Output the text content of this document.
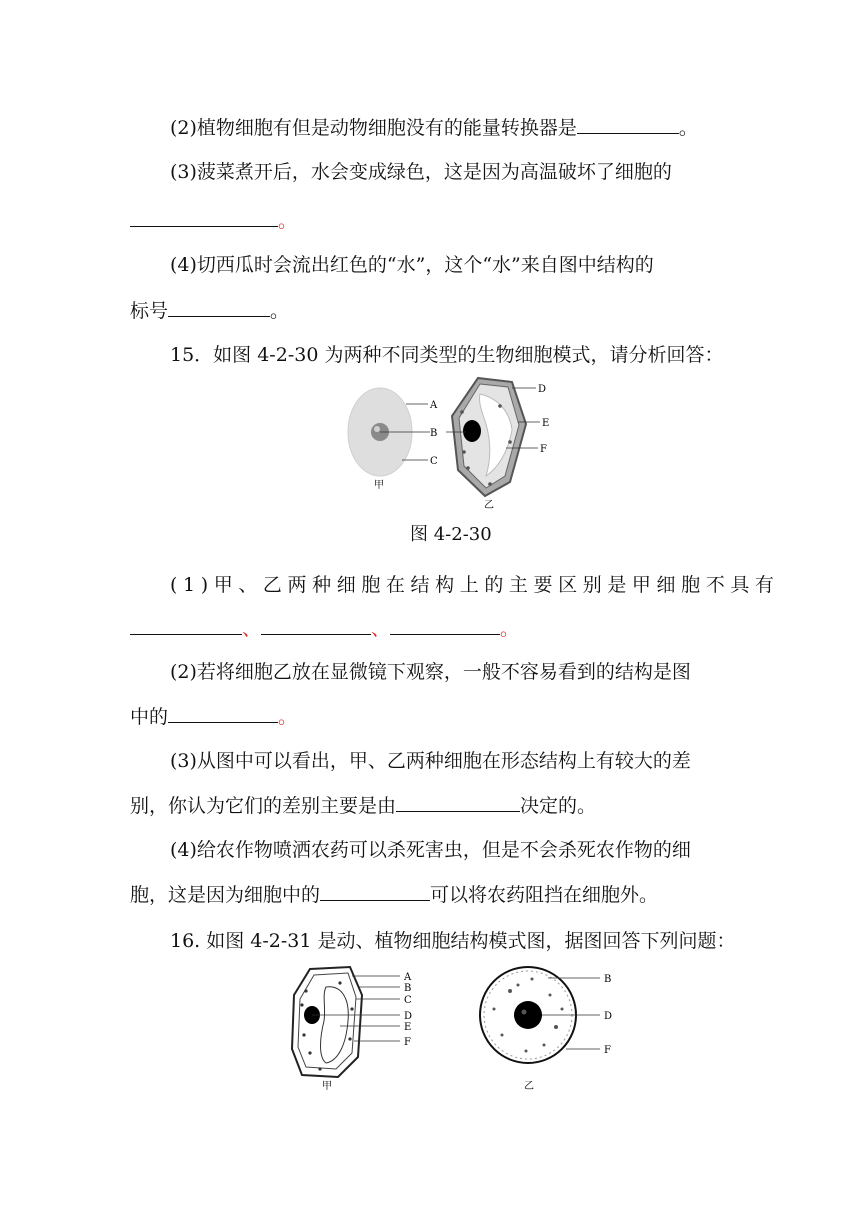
(2)植物细胞有但是动物细胞没有的能量转换器是	。
(3)菠菜煮开后，水会变成绿色，这是因为高温破坏了细胞的
。
(4)切西瓜时会流出红色的“水”，这个“水”来自图中结构的
标号	。
15．如图 4-2-30 为两种不同类型的生物细胞模式，请分析回答：
A
B
C
D
E
F
甲
乙
图 4-2-30
(1)甲、乙两种细胞在结构上的主要区别是甲细胞不具有
、	、	。
(2)若将细胞乙放在显微镜下观察，一般不容易看到的结构是图
中的	。
(3)从图中可以看出，甲、乙两种细胞在形态结构上有较大的差
别，你认为它们的差别主要是由	决定的。
(4)给农作物喷洒农药可以杀死害虫，但是不会杀死农作物的细
胞，这是因为细胞中的	可以将农药阻挡在细胞外。
16. 如图 4-2-31 是动、植物细胞结构模式图，据图回答下列问题：
A
B
C
D
E
F
甲
B
D
F
乙
